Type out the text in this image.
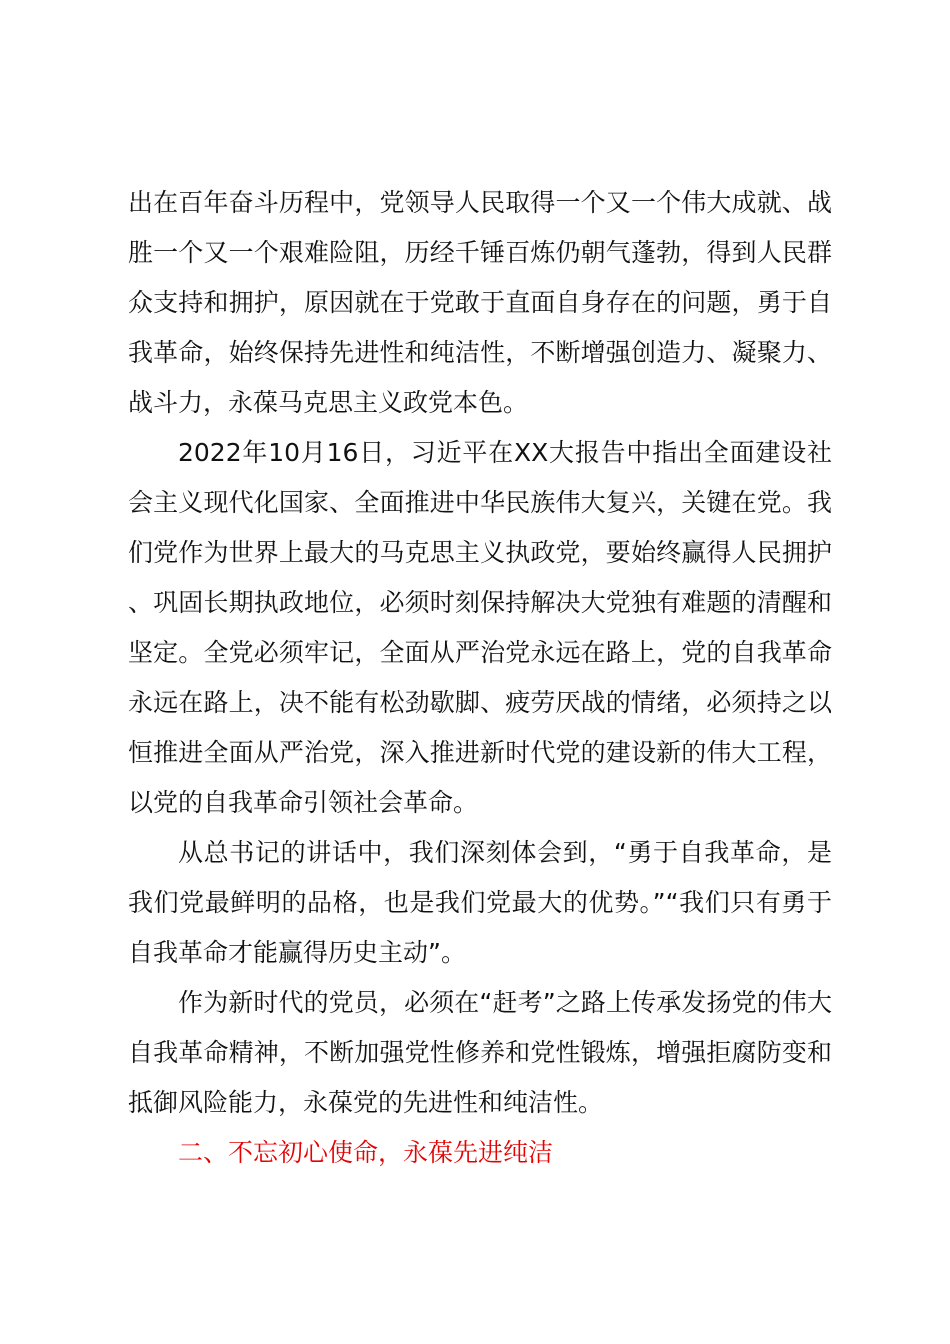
出在百年奋斗历程中，党领导人民取得一个又一个伟大成就、战胜一个又一个艰难险阻，历经千锤百炼仍朝气蓬勃，得到人民群众支持和拥护，原因就在于党敢于直面自身存在的问题，勇于自我革命，始终保持先进性和纯洁性，不断增强创造力、凝聚力、战斗力，永葆马克思主义政党本色。

2022年10月16日，习近平在XX大报告中指出全面建设社会主义现代化国家、全面推进中华民族伟大复兴，关键在党。我们党作为世界上最大的马克思主义执政党，要始终赢得人民拥护、巩固长期执政地位，必须时刻保持解决大党独有难题的清醒和坚定。全党必须牢记，全面从严治党永远在路上，党的自我革命永远在路上，决不能有松劲歇脚、疲劳厌战的情绪，必须持之以恒推进全面从严治党，深入推进新时代党的建设新的伟大工程，以党的自我革命引领社会革命。

从总书记的讲话中，我们深刻体会到，“勇于自我革命，是我们党最鲜明的品格，也是我们党最大的优势。”“我们只有勇于自我革命才能赢得历史主动”。

作为新时代的党员，必须在“赶考”之路上传承发扬党的伟大自我革命精神，不断加强党性修养和党性锻炼，增强拒腐防变和抵御风险能力，永葆党的先进性和纯洁性。

二、不忘初心使命，永葆先进纯洁
